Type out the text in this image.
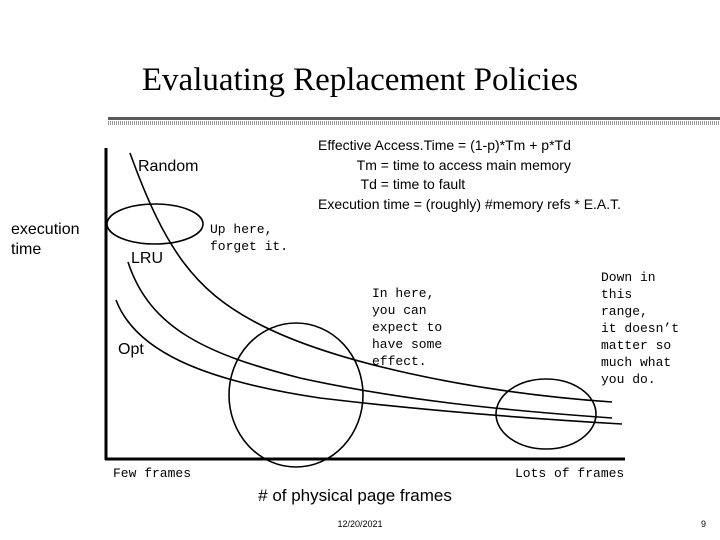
Evaluating Replacement Policies
Effective Access.Time = (1-p)*Tm + p*Td
Tm = time to access main memory
Td = time to fault
Execution time = (roughly) #memory refs * E.A.T.
execution
time
Random
LRU
Opt
Up here,
forget it.
In here,
you can
expect to
have some
effect.
Down in
this
range,
it doesn’t
matter so
much what
you do.
Few frames	Lots of frames
# of physical page frames
12/20/2021	9
